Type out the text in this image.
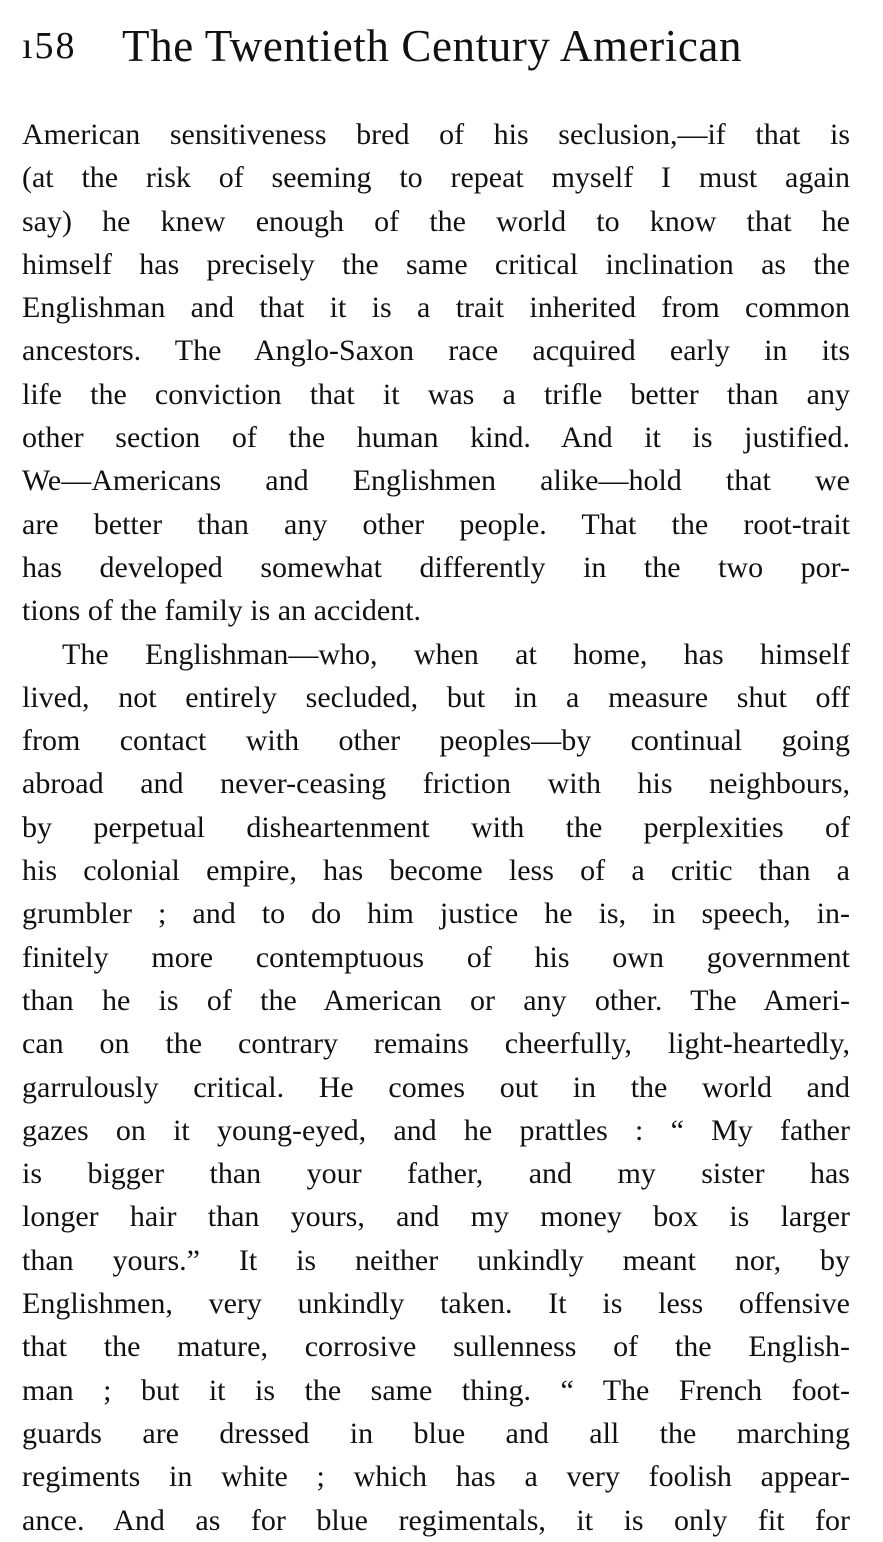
ı58 The Twentieth Century American
American sensitiveness bred of his seclusion,—if that is
(at the risk of seeming to repeat myself I must again
say) he knew enough of the world to know that he
himself has precisely the same critical inclination as the
Englishman and that it is a trait inherited from common
ancestors. The Anglo-Saxon race acquired early in its
life the conviction that it was a trifle better than any
other section of the human kind. And it is justified.
We—Americans and Englishmen alike—hold that we
are better than any other people. That the root-trait
has developed somewhat differently in the two por-
tions of the family is an accident.
The Englishman—who, when at home, has himself
lived, not entirely secluded, but in a measure shut off
from contact with other peoples—by continual going
abroad and never-ceasing friction with his neighbours,
by perpetual disheartenment with the perplexities of
his colonial empire, has become less of a critic than a
grumbler ; and to do him justice he is, in speech, in-
finitely more contemptuous of his own government
than he is of the American or any other. The Ameri-
can on the contrary remains cheerfully, light-heartedly,
garrulously critical. He comes out in the world and
gazes on it young-eyed, and he prattles : “ My father
is bigger than your father, and my sister has
longer hair than yours, and my money box is larger
than yours.” It is neither unkindly meant nor, by
Englishmen, very unkindly taken. It is less offensive
that the mature, corrosive sullenness of the English-
man ; but it is the same thing. “ The French foot-
guards are dressed in blue and all the marching
regiments in white ; which has a very foolish appear-
ance. And as for blue regimentals, it is only fit for
